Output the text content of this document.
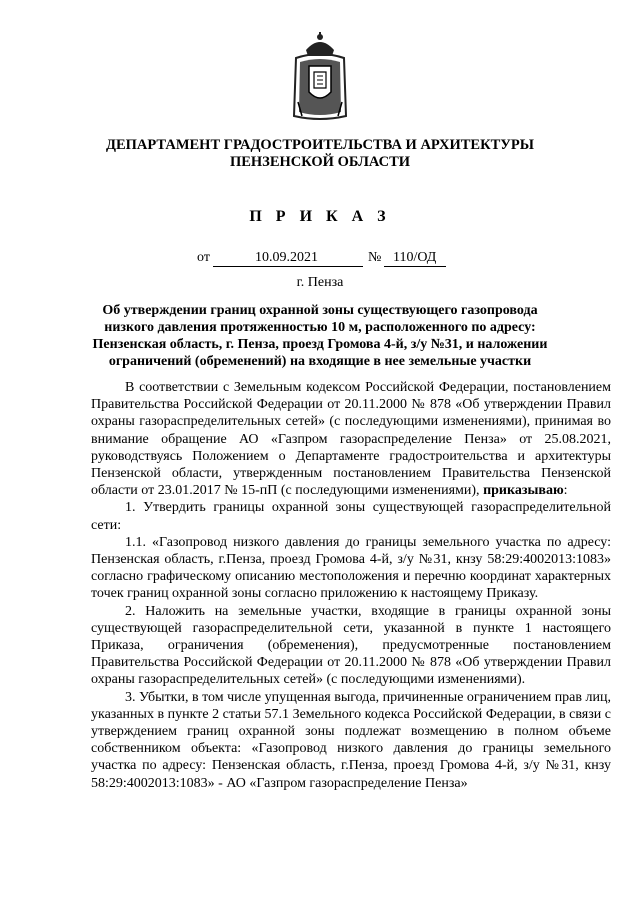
ДЕПАРТАМЕНТ ГРАДОСТРОИТЕЛЬСТВА И АРХИТЕКТУРЫ
ПЕНЗЕНСКОЙ ОБЛАСТИ
П Р И К А З
от	10.09.2021	№ 110/ОД
г. Пенза
Об утверждении границ охранной зоны существующего газопровода низкого давления протяженностью 10 м, расположенного по адресу: Пензенская область, г. Пенза, проезд Громова 4-й, з/у №31, и наложении ограничений (обременений) на входящие в нее земельные участки

В соответствии с Земельным кодексом Российской Федерации, постановлением Правительства Российской Федерации от 20.11.2000 № 878 «Об утверждении Правил охраны газораспределительных сетей» (с последующими изменениями), принимая во внимание обращение АО «Газпром газораспределение Пенза» от 25.08.2021, руководствуясь Положением о Департаменте градостроительства и архитектуры Пензенской области, утвержденным постановлением Правительства Пензенской области от 23.01.2017 № 15-пП (с последующими изменениями), приказываю:

1. Утвердить границы охранной зоны существующей газораспределительной сети:

1.1. «Газопровод низкого давления до границы земельного участка по адресу: Пензенская область, г.Пенза, проезд Громова 4-й, з/у №31, кнзу 58:29:4002013:1083» согласно графическому описанию местоположения и перечню координат характерных точек границ охранной зоны согласно приложению к настоящему Приказу.

2. Наложить на земельные участки, входящие в границы охранной зоны существующей газораспределительной сети, указанной в пункте 1 настоящего Приказа, ограничения (обременения), предусмотренные постановлением Правительства Российской Федерации от 20.11.2000 № 878 «Об утверждении Правил охраны газораспределительных сетей» (с последующими изменениями).

3. Убытки, в том числе упущенная выгода, причиненные ограничением прав лиц, указанных в пункте 2 статьи 57.1 Земельного кодекса Российской Федерации, в связи с утверждением границ охранной зоны подлежат возмещению в полном объеме собственником объекта: «Газопровод низкого давления до границы земельного участка по адресу: Пензенская область, г.Пенза, проезд Громова 4-й, з/у №31, кнзу 58:29:4002013:1083» - АО «Газпром газораспределение Пенза»
